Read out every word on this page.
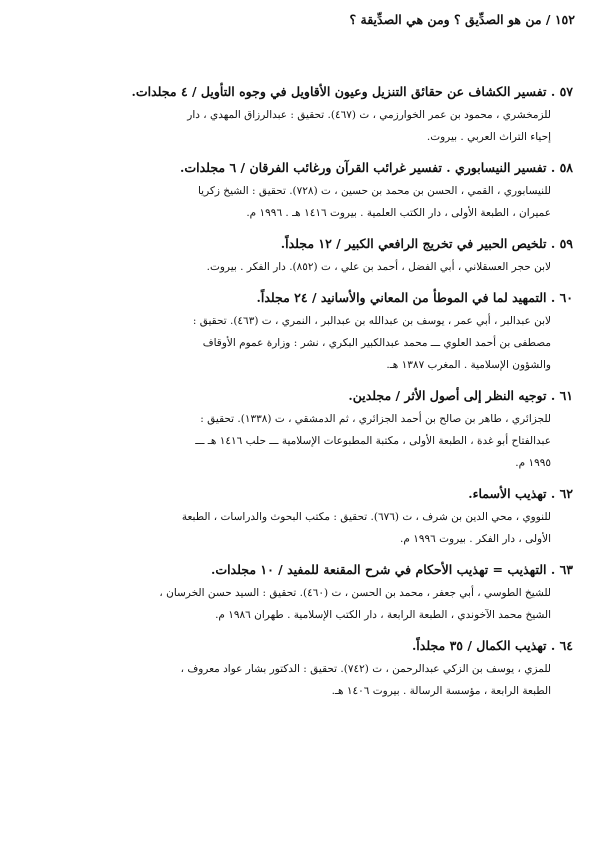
١٥٢ / من هو الصدِّيق ؟ ومن هي الصدِّيقة ؟
٥٧ . تفسير الكشاف عن حقائق التنزيل وعيون الأقاويل في وجوه التأويل / ٤ مجلدات.
للزمخشري ، محمود بن عمر الخوارزمي ، ت (٤٦٧). تحقيق : عبدالرزاق المهدي ، دار
إحياء التراث العربي . بيروت.
٥٨ . تفسير النيسابوري . تفسير غرائب القرآن ورغائب الفرقان / ٦ مجلدات.
للنيسابوري ، القمي ، الحسن بن محمد بن حسين ، ت (٧٢٨). تحقيق : الشيخ زكريا
عميران ، الطبعة الأولى ، دار الكتب العلمية . بيروت ١٤١٦ هـ . ١٩٩٦ م.
٥٩ . تلخيص الحبير في تخريج الرافعي الكبير / ١٢ مجلداً.
لابن حجر العسقلاني ، أبي الفضل ، أحمد بن علي ، ت (٨٥٢). دار الفكر . بيروت.
٦٠ . التمهيد لما في الموطأ من المعاني والأسانيد / ٢٤ مجلداً.
لابن عبدالبر ، أبي عمر ، يوسف بن عبدالله بن عبدالبر ، النمري ، ت (٤٦٣). تحقيق :
مصطفى بن أحمد العلوي ـــ محمد عبدالكبير البكري ، نشر : وزارة عموم الأوقاف
والشؤون الإسلامية . المغرب ١٣٨٧ هـ.
٦١ . توجيه النظر إلى أصول الأثر / مجلدين.
للجزائري ، طاهر بن صالح بن أحمد الجزائري ، ثم الدمشقي ، ت (١٣٣٨). تحقيق :
عبدالفتاح أبو غدة ، الطبعة الأولى ، مكتبة المطبوعات الإسلامية ـــ حلب ١٤١٦ هـ ـــ
١٩٩٥ م.
٦٢ . تهذيب الأسماء.
للنووي ، محي الدين بن شرف ، ت (٦٧٦). تحقيق : مكتب البحوث والدراسات ، الطبعة
الأولى ، دار الفكر . بيروت ١٩٩٦ م.
٦٣ . التهذيب = تهذيب الأحكام في شرح المقنعة للمفيد / ١٠ مجلدات.
للشيخ الطوسي ، أبي جعفر ، محمد بن الحسن ، ت (٤٦٠). تحقيق : السيد حسن الخرسان ،
الشيخ محمد الآخوندي ، الطبعة الرابعة ، دار الكتب الإسلامية . طهران ١٩٨٦ م.
٦٤ . تهذيب الكمال / ٣٥ مجلداً.
للمزي ، يوسف بن الزكي عبدالرحمن ، ت (٧٤٢). تحقيق : الدكتور بشار عواد معروف ،
الطبعة الرابعة ، مؤسسة الرسالة . بيروت ١٤٠٦ هـ.
